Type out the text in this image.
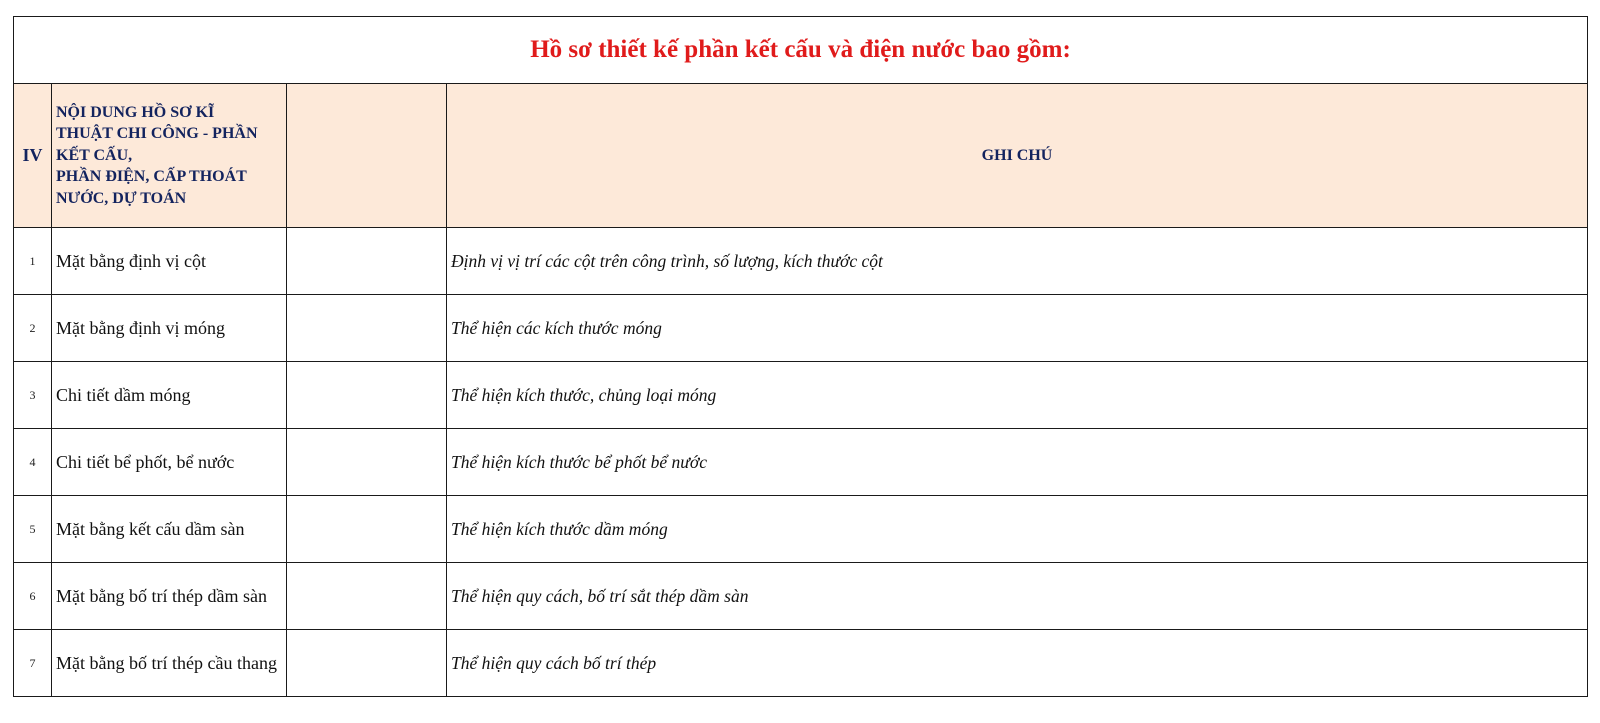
Hồ sơ thiết kế phần kết cấu và điện nước bao gồm:			
IV	NỘI DUNG HỒ SƠ KĨ
THUẬT CHI CÔNG - PHẦN
KẾT CẤU,
PHẦN ĐIỆN, CẤP THOÁT
NƯỚC, DỰ TOÁN		GHI CHÚ
1	Mặt bằng định vị cột		Định vị vị trí các cột trên công trình, số lượng, kích thước cột
2	Mặt bằng định vị móng		Thể hiện các kích thước móng
3	Chi tiết dầm móng		Thể hiện kích thước, chủng loại móng
4	Chi tiết bể phốt, bể nước		Thể hiện kích thước bể phốt bể nước
5	Mặt bằng kết cấu dầm sàn		Thể hiện kích thước dầm móng
6	Mặt bằng bố trí thép dầm sàn		Thể hiện quy cách, bố trí sắt thép dầm sàn
7	Mặt bằng bố trí thép cầu thang		Thể hiện quy cách bố trí thép
